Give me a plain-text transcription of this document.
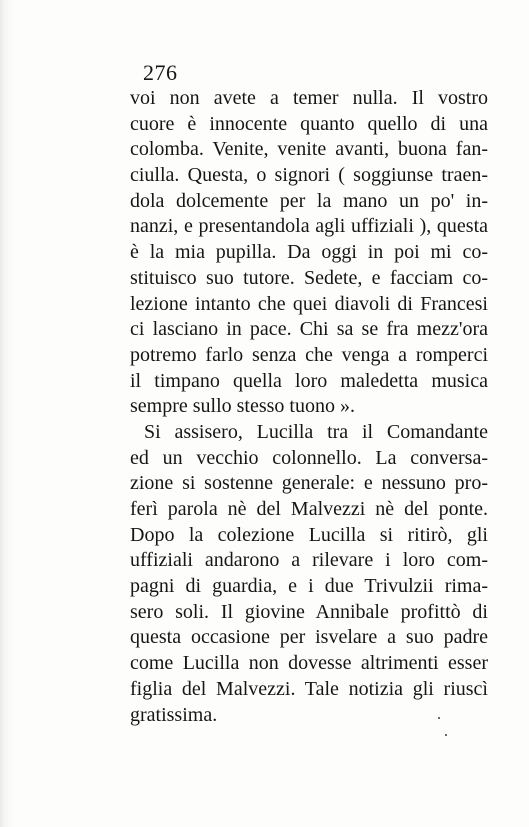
276
voi non avete a temer nulla. Il vostro
cuore è innocente quanto quello di una
colomba. Venite, venite avanti, buona fan-
ciulla. Questa, o signori ( soggiunse traen-
dola dolcemente per la mano un po' in-
nanzi, e presentandola agli uffiziali ), questa
è la mia pupilla. Da oggi in poi mi co-
stituisco suo tutore. Sedete, e facciam co-
lezione intanto che quei diavoli di Francesi
ci lasciano in pace. Chi sa se fra mezz'ora
potremo farlo senza che venga a romperci
il timpano quella loro maledetta musica
sempre sullo stesso tuono ».
Si assisero, Lucilla tra il Comandante
ed un vecchio colonnello. La conversa-
zione si sostenne generale: e nessuno pro-
ferì parola nè del Malvezzi nè del ponte.
Dopo la colezione Lucilla si ritirò, gli
uffiziali andarono a rilevare i loro com-
pagni di guardia, e i due Trivulzii rima-
sero soli. Il giovine Annibale profittò di
questa occasione per isvelare a suo padre
come Lucilla non dovesse altrimenti esser
figlia del Malvezzi. Tale notizia gli riuscì
gratissima.
